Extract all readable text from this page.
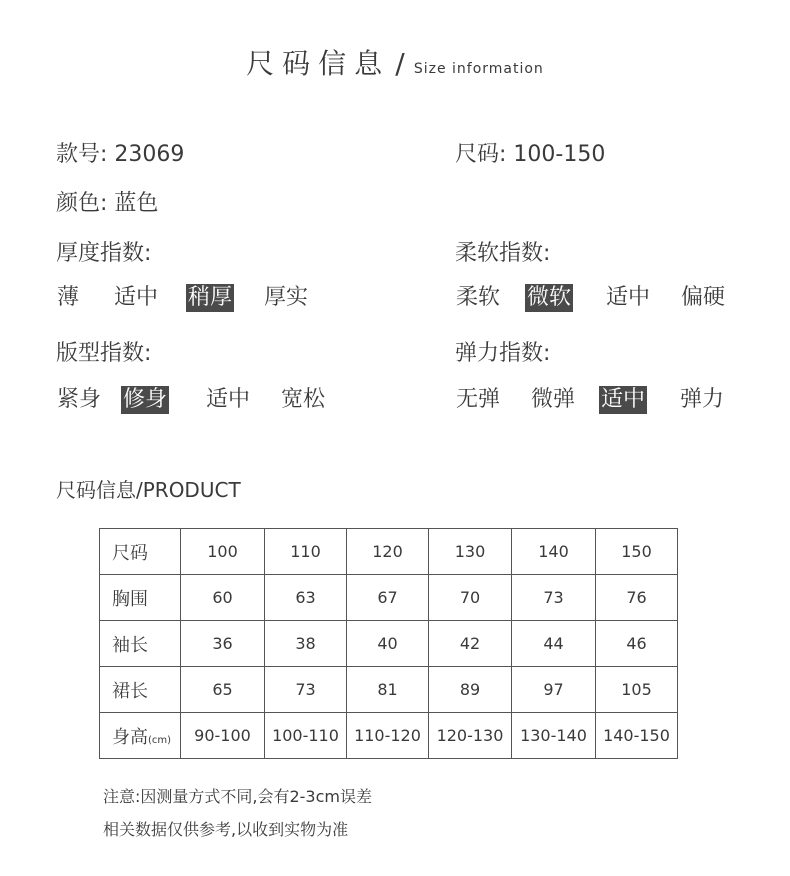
尺码信息 / Size information
款号: 23069	尺码: 100-150
颜色: 蓝色
厚度指数:	柔软指数:
薄 适中 稍厚 厚实	柔软 微软 适中 偏硬
版型指数:	弹力指数:
紧身 修身 适中 宽松	无弹 微弹 适中 弹力
尺码信息/PRODUCT
尺码	100	110	120	130	140	150
胸围	60	63	67	70	73	76
袖长	36	38	40	42	44	46
裙长	65	73	81	89	97	105
身高(cm)	90-100	100-110	110-120	120-130	130-140	140-150
注意:因测量方式不同,会有2-3cm误差
相关数据仅供参考,以收到实物为准
